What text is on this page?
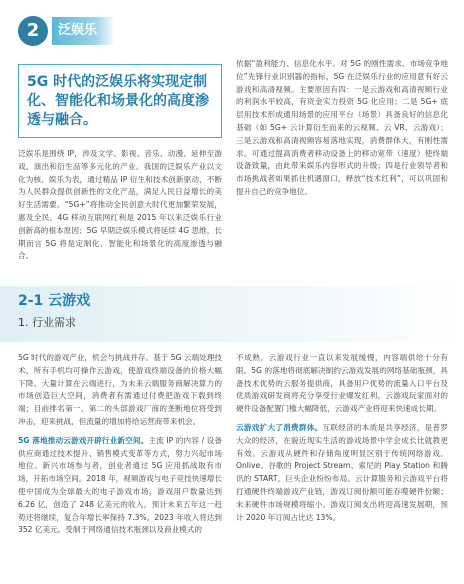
2	泛娱乐
5G 时代的泛娱乐将实现定制化、智能化和场景化的高度渗透与融合。

泛娱乐是围绕 IP，涉及文学、影视、音乐、动漫、延伸至游戏、演出和衍生品等多元化的产业。我国的泛娱乐产业以文化为核、娱乐为表，通过精品 IP 衍生和技术创新驱动，不断为人民群众提供创新性的文化产品，满足人民日益增长的美好生活需要。“5G+”将推动全民创意大时代更加繁荣发展，惠及全民。4G 移动互联网红利是 2015 年以来泛娱乐行业创新高的根本原因；5G 早期泛娱乐模式将延续 4G 思维，长期而言 5G 将是定制化、智能化和场景化的高度渗透与融合。

依据“盈利能力、信息化水平、对 5G 的刚性需求、市场竞争地位”先锋行业识别器的指标，5G 在泛娱乐行业的应用意有好云游戏和高清视频。主要原因有四：一是云游戏和高清视频行业的利润水平较高，有资金实力投资 5G 化应用；二是 5G+ 底层用技术形成通用场景的应用平台（场景）具备良好的信息化基础（如 5G+ 云计算衍生而来的云视频、云 VR、云游戏）；三是云游戏和高清视频容易落地实现，消费群体大，有刚性需求。可通过提高消费者移动设备上的移动宽带（速度）使终端设备致量，由此带来娱乐内容形式的升级；四是行业领导者和市场挑战者如果抓住机遇窗口，释放“技术红利”，可以巩固和提升自己的竞争地位。

2-1 云游戏
1. 行业需求

5G 时代的游戏产业，机会与挑战并存。基于 5G 云端处理技术，所有手机均可操作云游戏，使游戏终端设备的价格大幅下降。大量计算在云端进行，为未来云端服务商解决算力的市场创造巨大空间，消费者有需通过付费把游戏下载到终端；目前排名第一、第二的头部游戏厂商的垄断地位将受到冲击，迎来挑战，但流量的增加将给运营商带来机会。

5G 落地推动云游戏开辟行业新空间。主流 IP 的内容 / 设备供应商通过技术提升、销售模式变革等方式，努力兴起市场地位。新兴市场参与者，创业者通过 5G 应用抓战取有市场，开拓市场空间。2018 年，视频游戏与电子竞技快速增长使中国成为全球最大的电子游戏市场，游戏用户数量达到 6.26 亿，创造了 248 亿美元的收入，预计未来五年这一趋势还将继续，复合年增长率保持 7.3%。2023 年收入将达到 352 亿美元。受制于网络通信技术瓶颈以及商业模式的

不成熟，云游戏行业一直以来发展缓慢，内容端供给十分有限。5G 的落地将彻底解决制约云游戏发展的网络基础瓶颈，具备技术优势的云服务提供商，具备用户优势的流量入口平台及优质游戏研发商将充分享受行业爆发红利。云游戏玩家面对的硬件设备配置门槛大幅降低，云游戏产业将迎来快速成长期。

云游戏扩大了消费群体。互联经济的本质是共享经济，是普罗大众的经济，在貌近现实生活的游戏场景中学会成长比就教更有效。云游戏从硬件和存储角度明显区别于传统网络游戏。Onlive、谷歌的 Project Stream、索尼的 Play Station 和腾讯的 START，巨头企业纷纷布局。云计算服务和云游戏平台将打通硬件终端游戏产业链，游戏订阅份额可能吞噬硬件份额；未来硬件市场规模将缩小。游戏订阅支出将迎高速发展期，预计 2020 年订阅占比达 13%。
